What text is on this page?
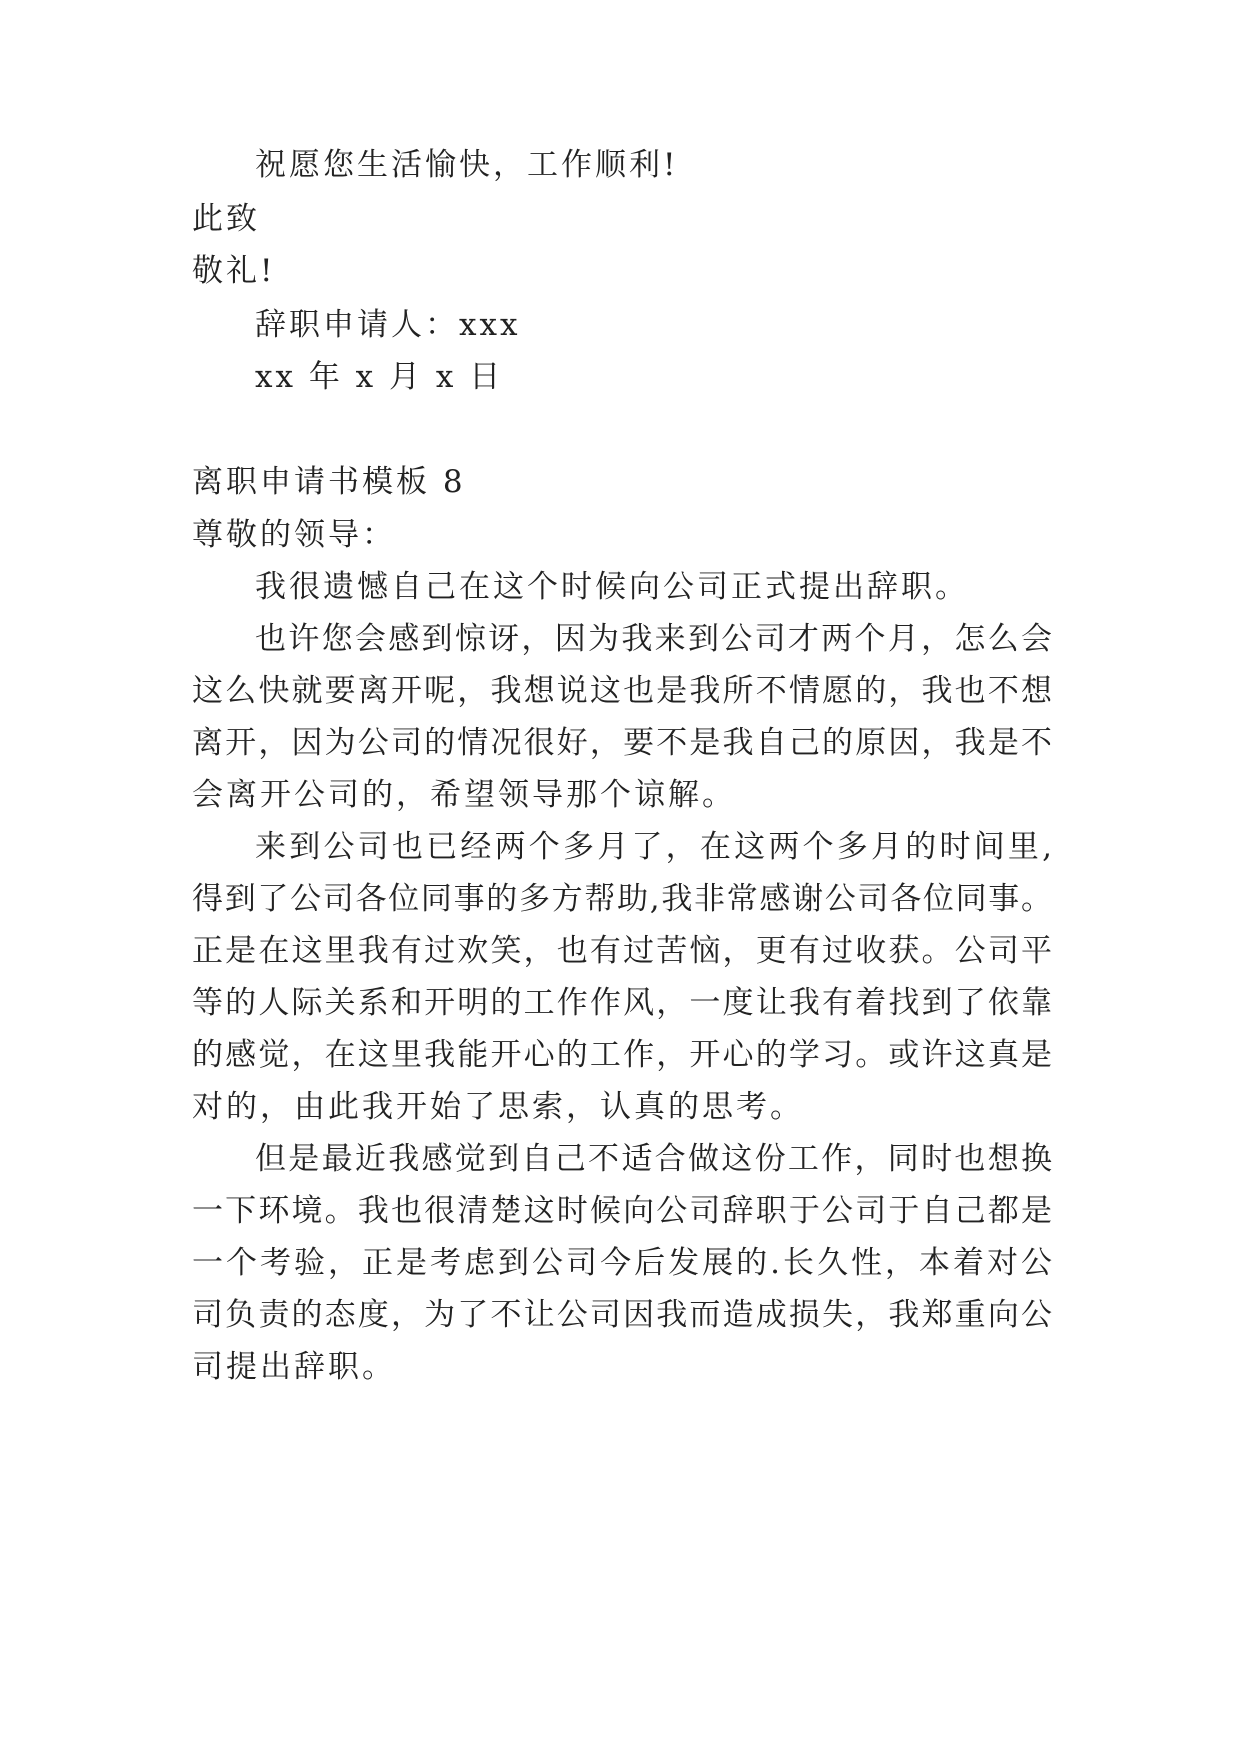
祝愿您生活愉快，工作顺利!
此致
敬礼!
辞职申请人：xxx
xx 年 x 月 x 日
离职申请书模板 8
尊敬的领导：
我很遗憾自己在这个时候向公司正式提出辞职。
也许您会感到惊讶，因为我来到公司才两个月，怎么会
这么快就要离开呢，我想说这也是我所不情愿的，我也不想
离开，因为公司的情况很好，要不是我自己的原因，我是不
会离开公司的，希望领导那个谅解。
来到公司也已经两个多月了，在这两个多月的时间里,
得到了公司各位同事的多方帮助,我非常感谢公司各位同事。
正是在这里我有过欢笑，也有过苦恼，更有过收获。公司平
等的人际关系和开明的工作作风，一度让我有着找到了依靠
的感觉，在这里我能开心的工作，开心的学习。或许这真是
对的，由此我开始了思索，认真的思考。
但是最近我感觉到自己不适合做这份工作，同时也想换
一下环境。我也很清楚这时候向公司辞职于公司于自己都是
一个考验，正是考虑到公司今后发展的.长久性，本着对公
司负责的态度，为了不让公司因我而造成损失，我郑重向公
司提出辞职。
